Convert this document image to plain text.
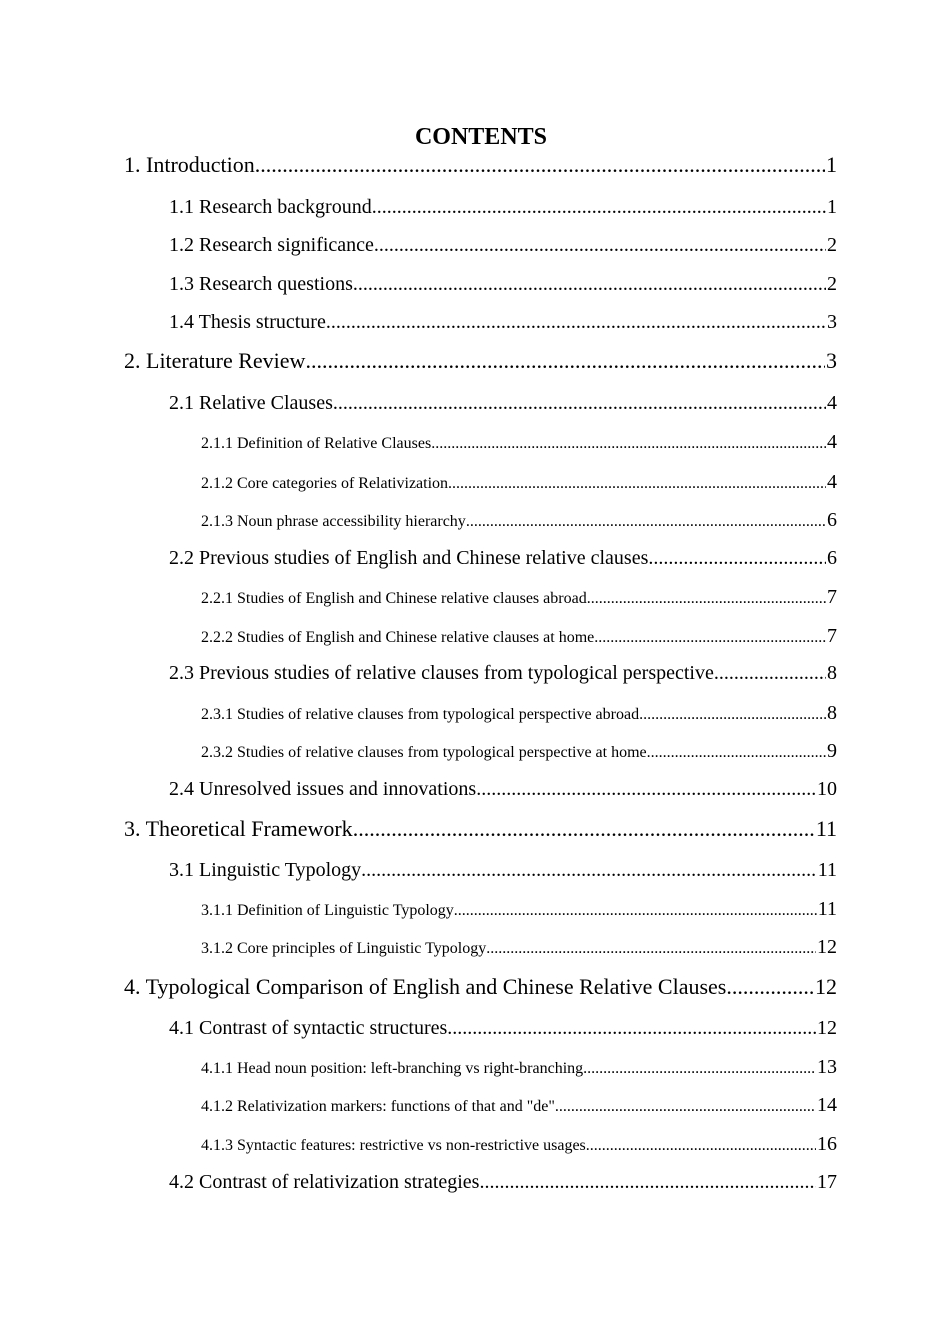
CONTENTS
1. Introduction .....	1
1.1 Research background .....	1
1.2 Research significance .....	2
1.3 Research questions .....	2
1.4 Thesis structure .....	3
2. Literature Review .....	3
2.1 Relative Clauses .....	4
2.1.1 Definition of Relative Clauses .....	4
2.1.2 Core categories of Relativization .....	4
2.1.3 Noun phrase accessibility hierarchy .....	6
2.2 Previous studies of English and Chinese relative clauses .....	6
2.2.1 Studies of English and Chinese relative clauses abroad .....	7
2.2.2 Studies of English and Chinese relative clauses at home .....	7
2.3 Previous studies of relative clauses from typological perspective .....	8
2.3.1 Studies of relative clauses from typological perspective abroad .....	8
2.3.2 Studies of relative clauses from typological perspective at home .....	9
2.4 Unresolved issues and innovations .....	10
3. Theoretical Framework .....	11
3.1 Linguistic Typology .....	11
3.1.1 Definition of Linguistic Typology .....	11
3.1.2 Core principles of Linguistic Typology .....	12
4. Typological Comparison of English and Chinese Relative Clauses .....	12
4.1 Contrast of syntactic structures .....	12
4.1.1 Head noun position: left-branching vs right-branching .....	13
4.1.2 Relativization markers: functions of that and "de" .....	14
4.1.3 Syntactic features: restrictive vs non-restrictive usages .....	16
4.2 Contrast of relativization strategies .....	17
